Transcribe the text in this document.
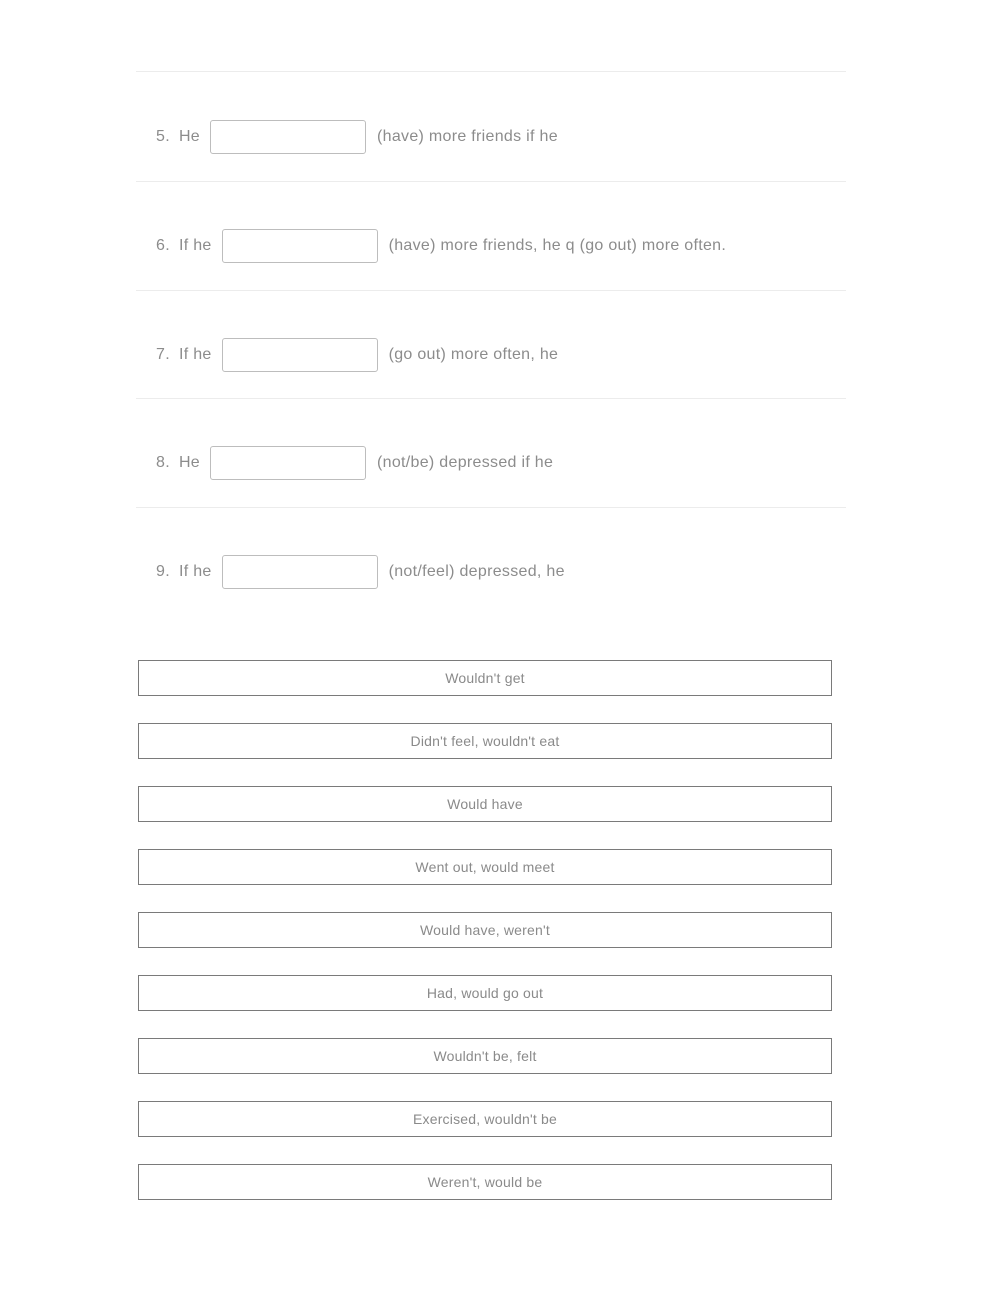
5. He	(have) more friends if he
6. If he	(have) more friends, he q (go out) more often.
7. If he	(go out) more often, he
8. He	(not/be) depressed if he
9. If he	(not/feel) depressed, he
Wouldn't get
Didn't feel, wouldn't eat
Would have
Went out, would meet
Would have, weren't
Had, would go out
Wouldn't be, felt
Exercised, wouldn't be
Weren't, would be
